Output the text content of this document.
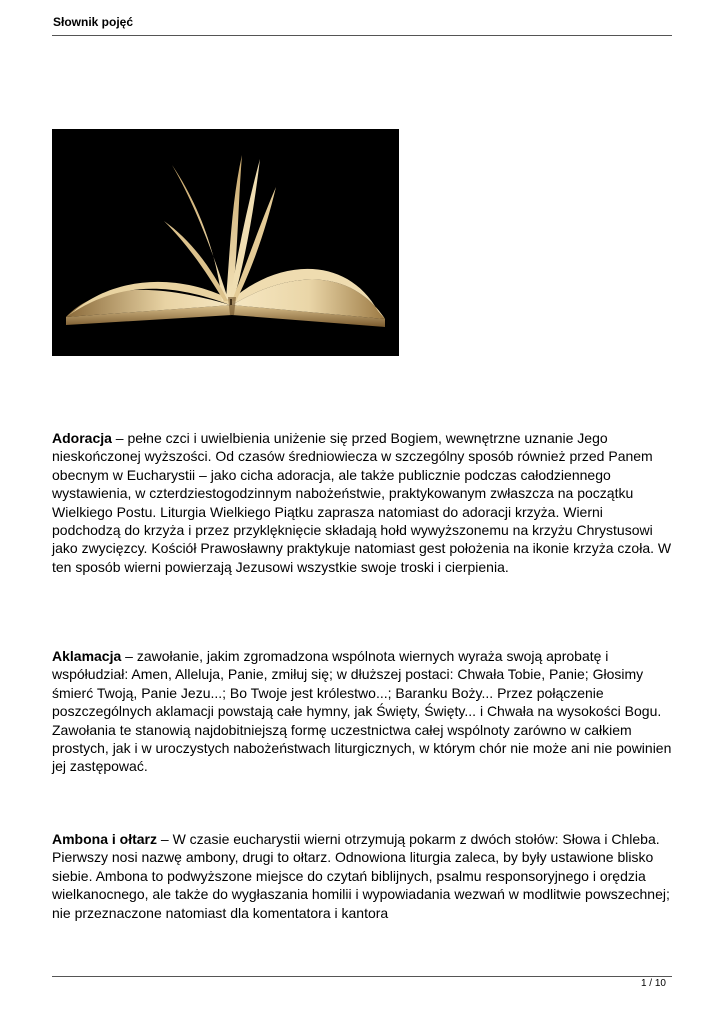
Słownik pojęć

Adoracja – pełne czci i uwielbienia uniżenie się przed Bogiem, wewnętrzne uznanie Jego nieskończonej wyższości. Od czasów średniowiecza w szczególny sposób również przed Panem obecnym w Eucharystii – jako cicha adoracja, ale także publicznie podczas całodziennego wystawienia, w czterdziestogodzinnym nabożeństwie, praktykowanym zwłaszcza na początku Wielkiego Postu. Liturgia Wielkiego Piątku zaprasza natomiast do adoracji krzyża. Wierni podchodzą do krzyża i przez przyklęknięcie składają hołd wywyższonemu na krzyżu Chrystusowi jako zwycięzcy. Kościół Prawosławny praktykuje natomiast gest położenia na ikonie krzyża czoła. W ten sposób wierni powierzają Jezusowi wszystkie swoje troski i cierpienia.

Aklamacja – zawołanie, jakim zgromadzona wspólnota wiernych wyraża swoją aprobatę i współudział: Amen, Alleluja, Panie, zmiłuj się; w dłuższej postaci: Chwała Tobie, Panie; Głosimy śmierć Twoją, Panie Jezu...; Bo Twoje jest królestwo...; Baranku Boży... Przez połączenie poszczególnych aklamacji powstają całe hymny, jak Święty, Święty... i Chwała na wysokości Bogu. Zawołania te stanowią najdobitniejszą formę uczestnictwa całej wspólnoty zarówno w całkiem prostych, jak i w uroczystych nabożeństwach liturgicznych, w którym chór nie może ani nie powinien jej zastępować.

Ambona i ołtarz – W czasie eucharystii wierni otrzymują pokarm z dwóch stołów: Słowa i Chleba. Pierwszy nosi nazwę ambony, drugi to ołtarz. Odnowiona liturgia zaleca, by były ustawione blisko siebie. Ambona to podwyższone miejsce do czytań biblijnych, psalmu responsoryjnego i orędzia wielkanocnego, ale także do wygłaszania homilii i wypowiadania wezwań w modlitwie powszechnej; nie przeznaczone natomiast dla komentatora i kantora

1 / 10
